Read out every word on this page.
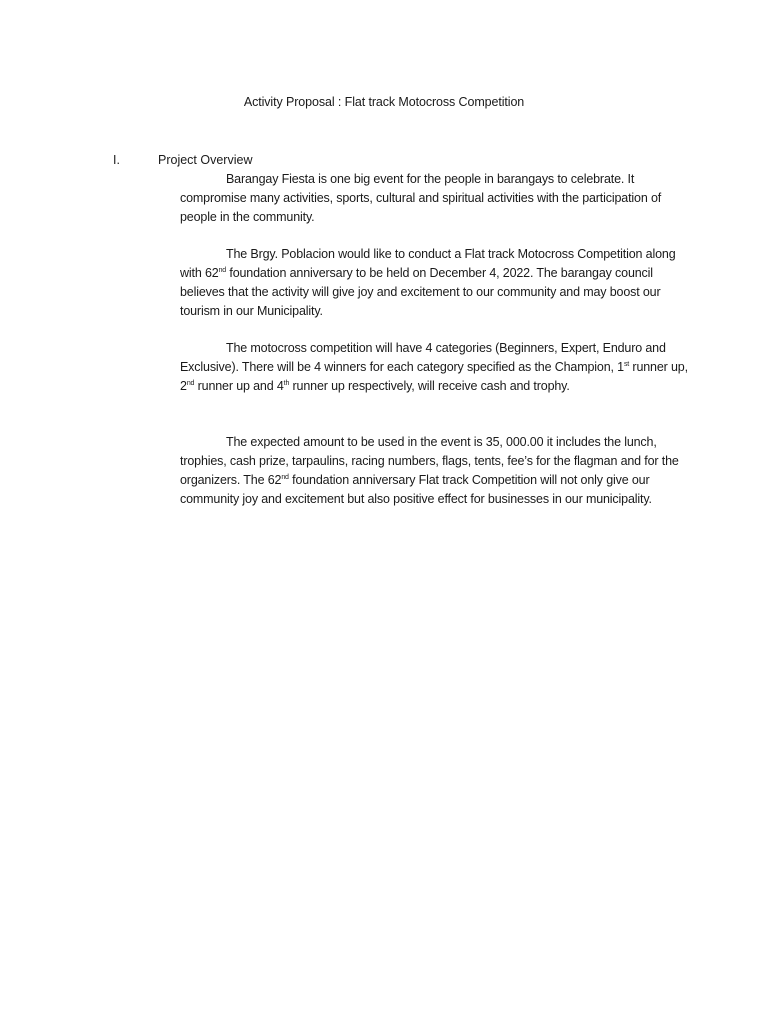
Activity Proposal : Flat track Motocross Competition
I.	Project Overview

Barangay Fiesta is one big event for the people in barangays to celebrate. It compromise many activities, sports, cultural and spiritual activities with the participation of people in the community.

The Brgy. Poblacion would like to conduct a Flat track Motocross Competition along with 62nd foundation anniversary to be held on December 4, 2022. The barangay council believes that the activity will give joy and excitement to our community and may boost our tourism in our Municipality.

The motocross competition will have 4 categories (Beginners, Expert, Enduro and Exclusive). There will be 4 winners for each category specified as the Champion, 1st runner up, 2nd runner up and 4th runner up respectively, will receive cash and trophy.

The expected amount to be used in the event is 35, 000.00 it includes the lunch, trophies, cash prize, tarpaulins, racing numbers, flags, tents, fee’s for the flagman and for the organizers. The 62nd foundation anniversary Flat track Competition will not only give our community joy and excitement but also positive effect for businesses in our municipality.
